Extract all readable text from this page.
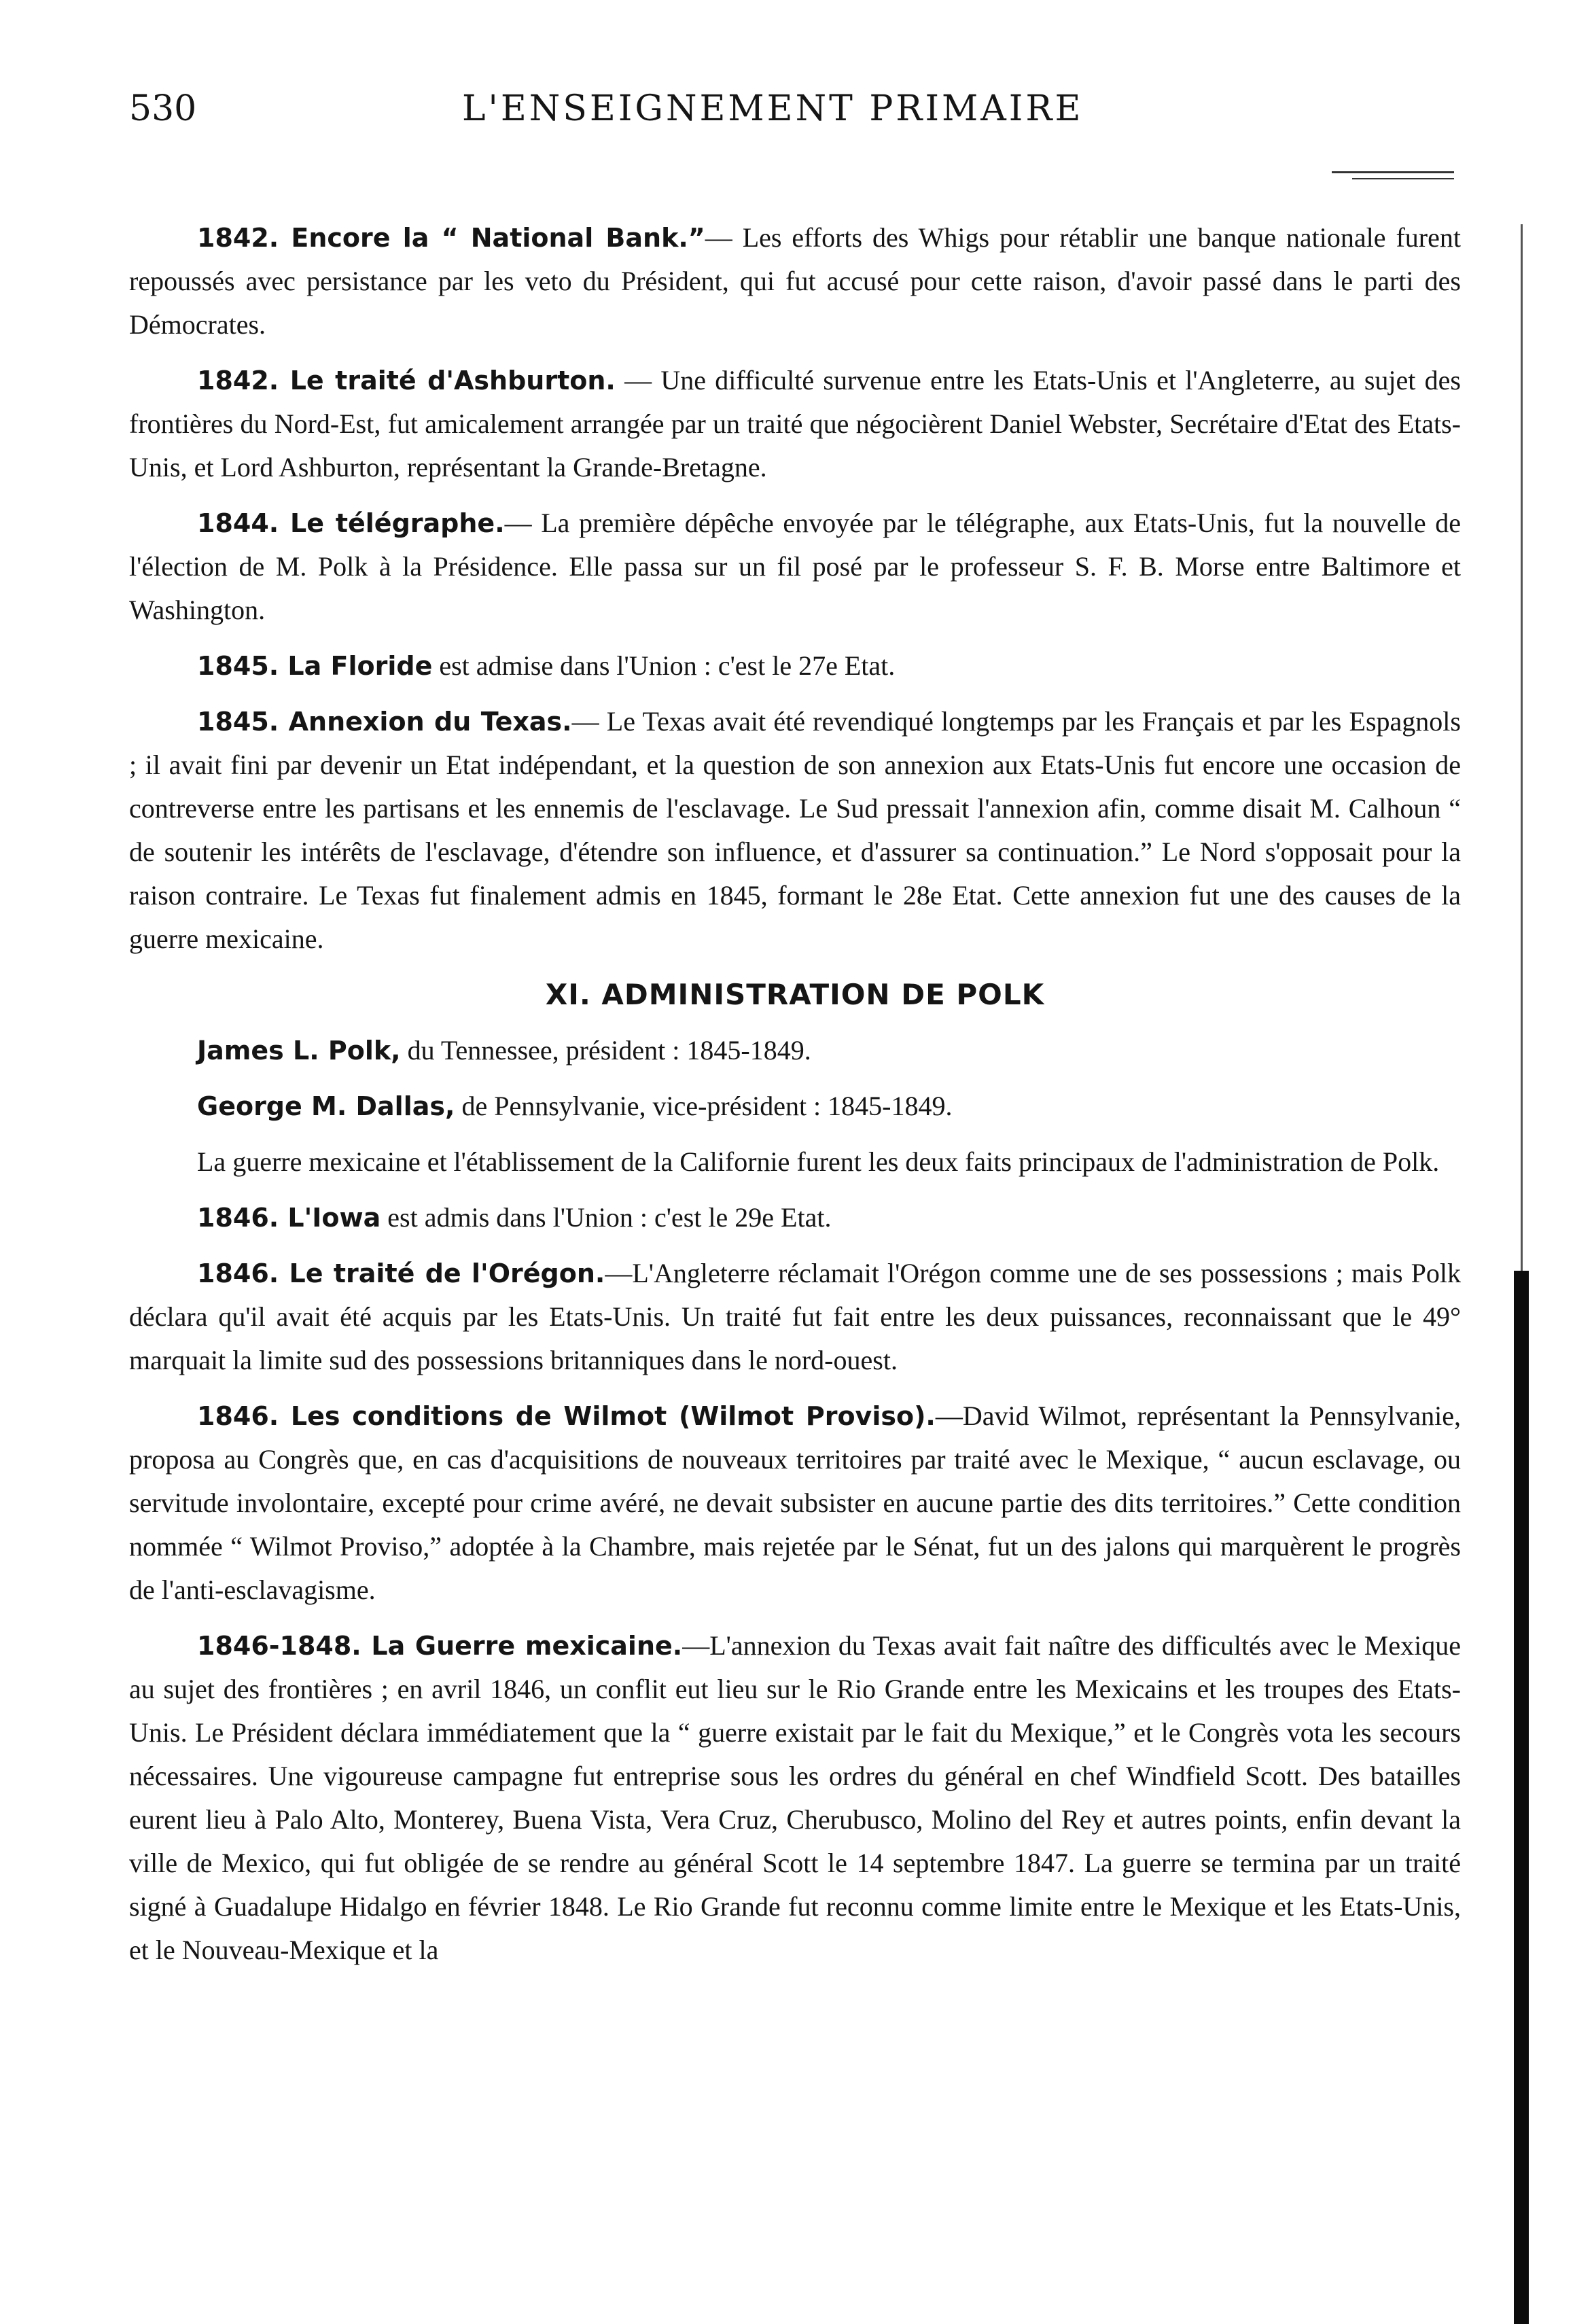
530	L'ENSEIGNEMENT PRIMAIRE

1842. Encore la “ National Bank.”— Les efforts des Whigs pour rétablir une banque nationale furent repoussés avec persistance par les veto du Président, qui fut accusé pour cette raison, d'avoir passé dans le parti des Démocrates.

1842. Le traité d'Ashburton. — Une difficulté survenue entre les Etats-Unis et l'Angleterre, au sujet des frontières du Nord-Est, fut amicalement arrangée par un traité que négocièrent Daniel Webster, Secrétaire d'Etat des Etats-Unis, et Lord Ashburton, représentant la Grande-Bretagne.

1844. Le télégraphe.— La première dépêche envoyée par le télégraphe, aux Etats-Unis, fut la nouvelle de l'élection de M. Polk à la Présidence. Elle passa sur un fil posé par le professeur S. F. B. Morse entre Baltimore et Washington.

1845. La Floride est admise dans l'Union : c'est le 27e Etat.

1845. Annexion du Texas.— Le Texas avait été revendiqué longtemps par les Français et par les Espagnols ; il avait fini par devenir un Etat indépendant, et la question de son annexion aux Etats-Unis fut encore une occasion de contreverse entre les partisans et les ennemis de l'esclavage. Le Sud pressait l'annexion afin, comme disait M. Calhoun “ de soutenir les intérêts de l'esclavage, d'étendre son influence, et d'assurer sa continuation.” Le Nord s'opposait pour la raison contraire. Le Texas fut finalement admis en 1845, formant le 28e Etat. Cette annexion fut une des causes de la guerre mexicaine.

XI. ADMINISTRATION DE POLK

James L. Polk, du Tennessee, président : 1845-1849.

George M. Dallas, de Pennsylvanie, vice-président : 1845-1849.

La guerre mexicaine et l'établissement de la Californie furent les deux faits principaux de l'administration de Polk.

1846. L'Iowa est admis dans l'Union : c'est le 29e Etat.

1846. Le traité de l'Orégon.—L'Angleterre réclamait l'Orégon comme une de ses possessions ; mais Polk déclara qu'il avait été acquis par les Etats-Unis. Un traité fut fait entre les deux puissances, reconnaissant que le 49° marquait la limite sud des possessions britanniques dans le nord-ouest.

1846. Les conditions de Wilmot (Wilmot Proviso).—David Wilmot, représentant la Pennsylvanie, proposa au Congrès que, en cas d'acquisitions de nouveaux territoires par traité avec le Mexique, “ aucun esclavage, ou servitude involontaire, excepté pour crime avéré, ne devait subsister en aucune partie des dits territoires.” Cette condition nommée “ Wilmot Proviso,” adoptée à la Chambre, mais rejetée par le Sénat, fut un des jalons qui marquèrent le progrès de l'anti-esclavagisme.

1846-1848. La Guerre mexicaine.—L'annexion du Texas avait fait naître des difficultés avec le Mexique au sujet des frontières ; en avril 1846, un conflit eut lieu sur le Rio Grande entre les Mexicains et les troupes des Etats-Unis. Le Président déclara immédiatement que la “ guerre existait par le fait du Mexique,” et le Congrès vota les secours nécessaires. Une vigoureuse campagne fut entreprise sous les ordres du général en chef Windfield Scott. Des batailles eurent lieu à Palo Alto, Monterey, Buena Vista, Vera Cruz, Cherubusco, Molino del Rey et autres points, enfin devant la ville de Mexico, qui fut obligée de se rendre au général Scott le 14 septembre 1847. La guerre se termina par un traité signé à Guadalupe Hidalgo en février 1848. Le Rio Grande fut reconnu comme limite entre le Mexique et les Etats-Unis, et le Nouveau-Mexique et la
